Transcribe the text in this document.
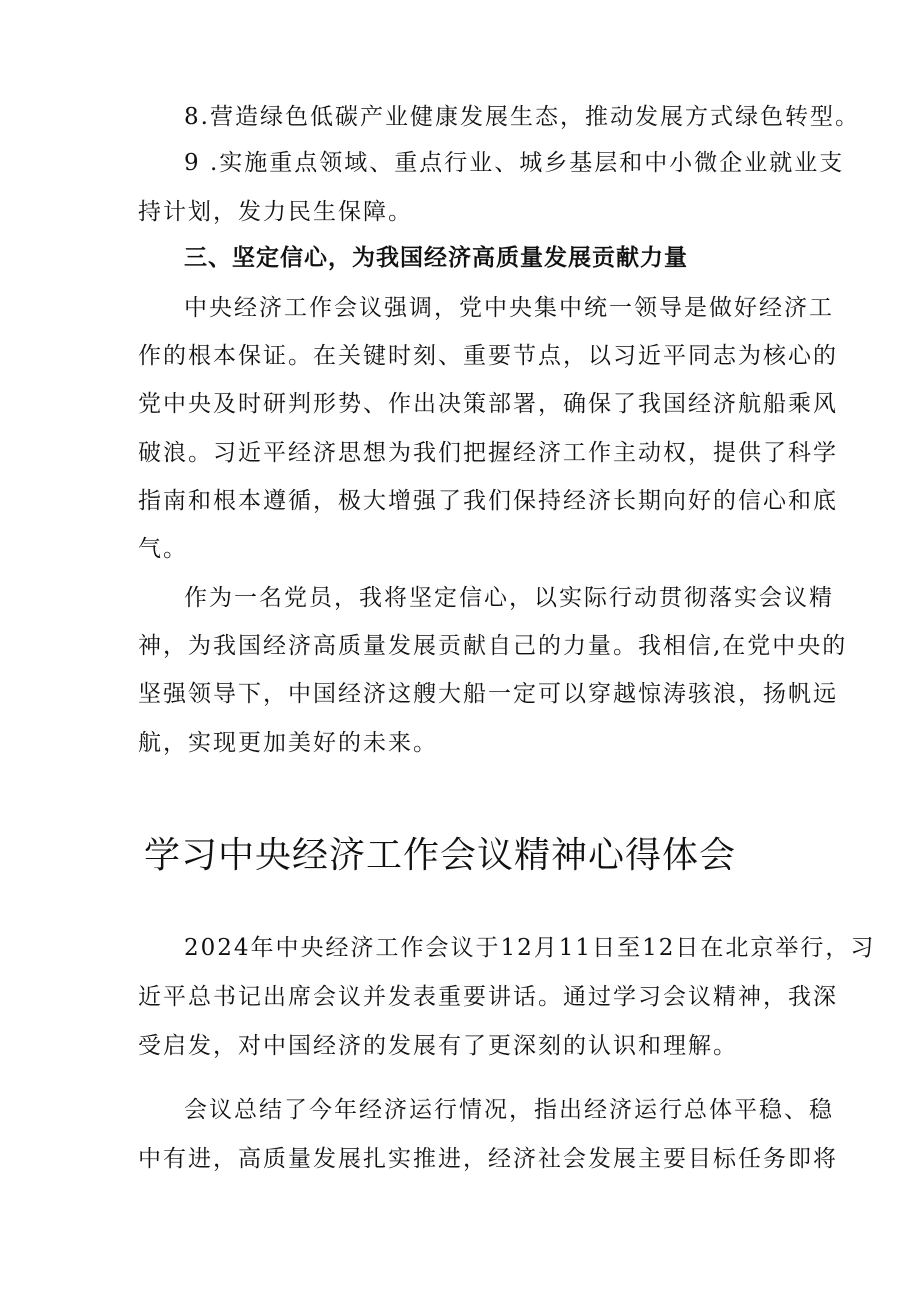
8.营造绿色低碳产业健康发展生态，推动发展方式绿色转型。
9 .实施重点领域、重点行业、城乡基层和中小微企业就业支
持计划，发力民生保障。
三、坚定信心，为我国经济高质量发展贡献力量
中央经济工作会议强调，党中央集中统一领导是做好经济工
作的根本保证。在关键时刻、重要节点，以习近平同志为核心的
党中央及时研判形势、作出决策部署，确保了我国经济航船乘风
破浪。习近平经济思想为我们把握经济工作主动权，提供了科学
指南和根本遵循，极大增强了我们保持经济长期向好的信心和底
气。
作为一名党员，我将坚定信心，以实际行动贯彻落实会议精
神，为我国经济高质量发展贡献自己的力量。我相信,在党中央的
坚强领导下，中国经济这艘大船一定可以穿越惊涛骇浪，扬帆远
航，实现更加美好的未来。
学习中央经济工作会议精神心得体会
2024年中央经济工作会议于12月11日至12日在北京举行，习
近平总书记出席会议并发表重要讲话。通过学习会议精神，我深
受启发，对中国经济的发展有了更深刻的认识和理解。
会议总结了今年经济运行情况，指出经济运行总体平稳、稳
中有进，高质量发展扎实推进，经济社会发展主要目标任务即将
